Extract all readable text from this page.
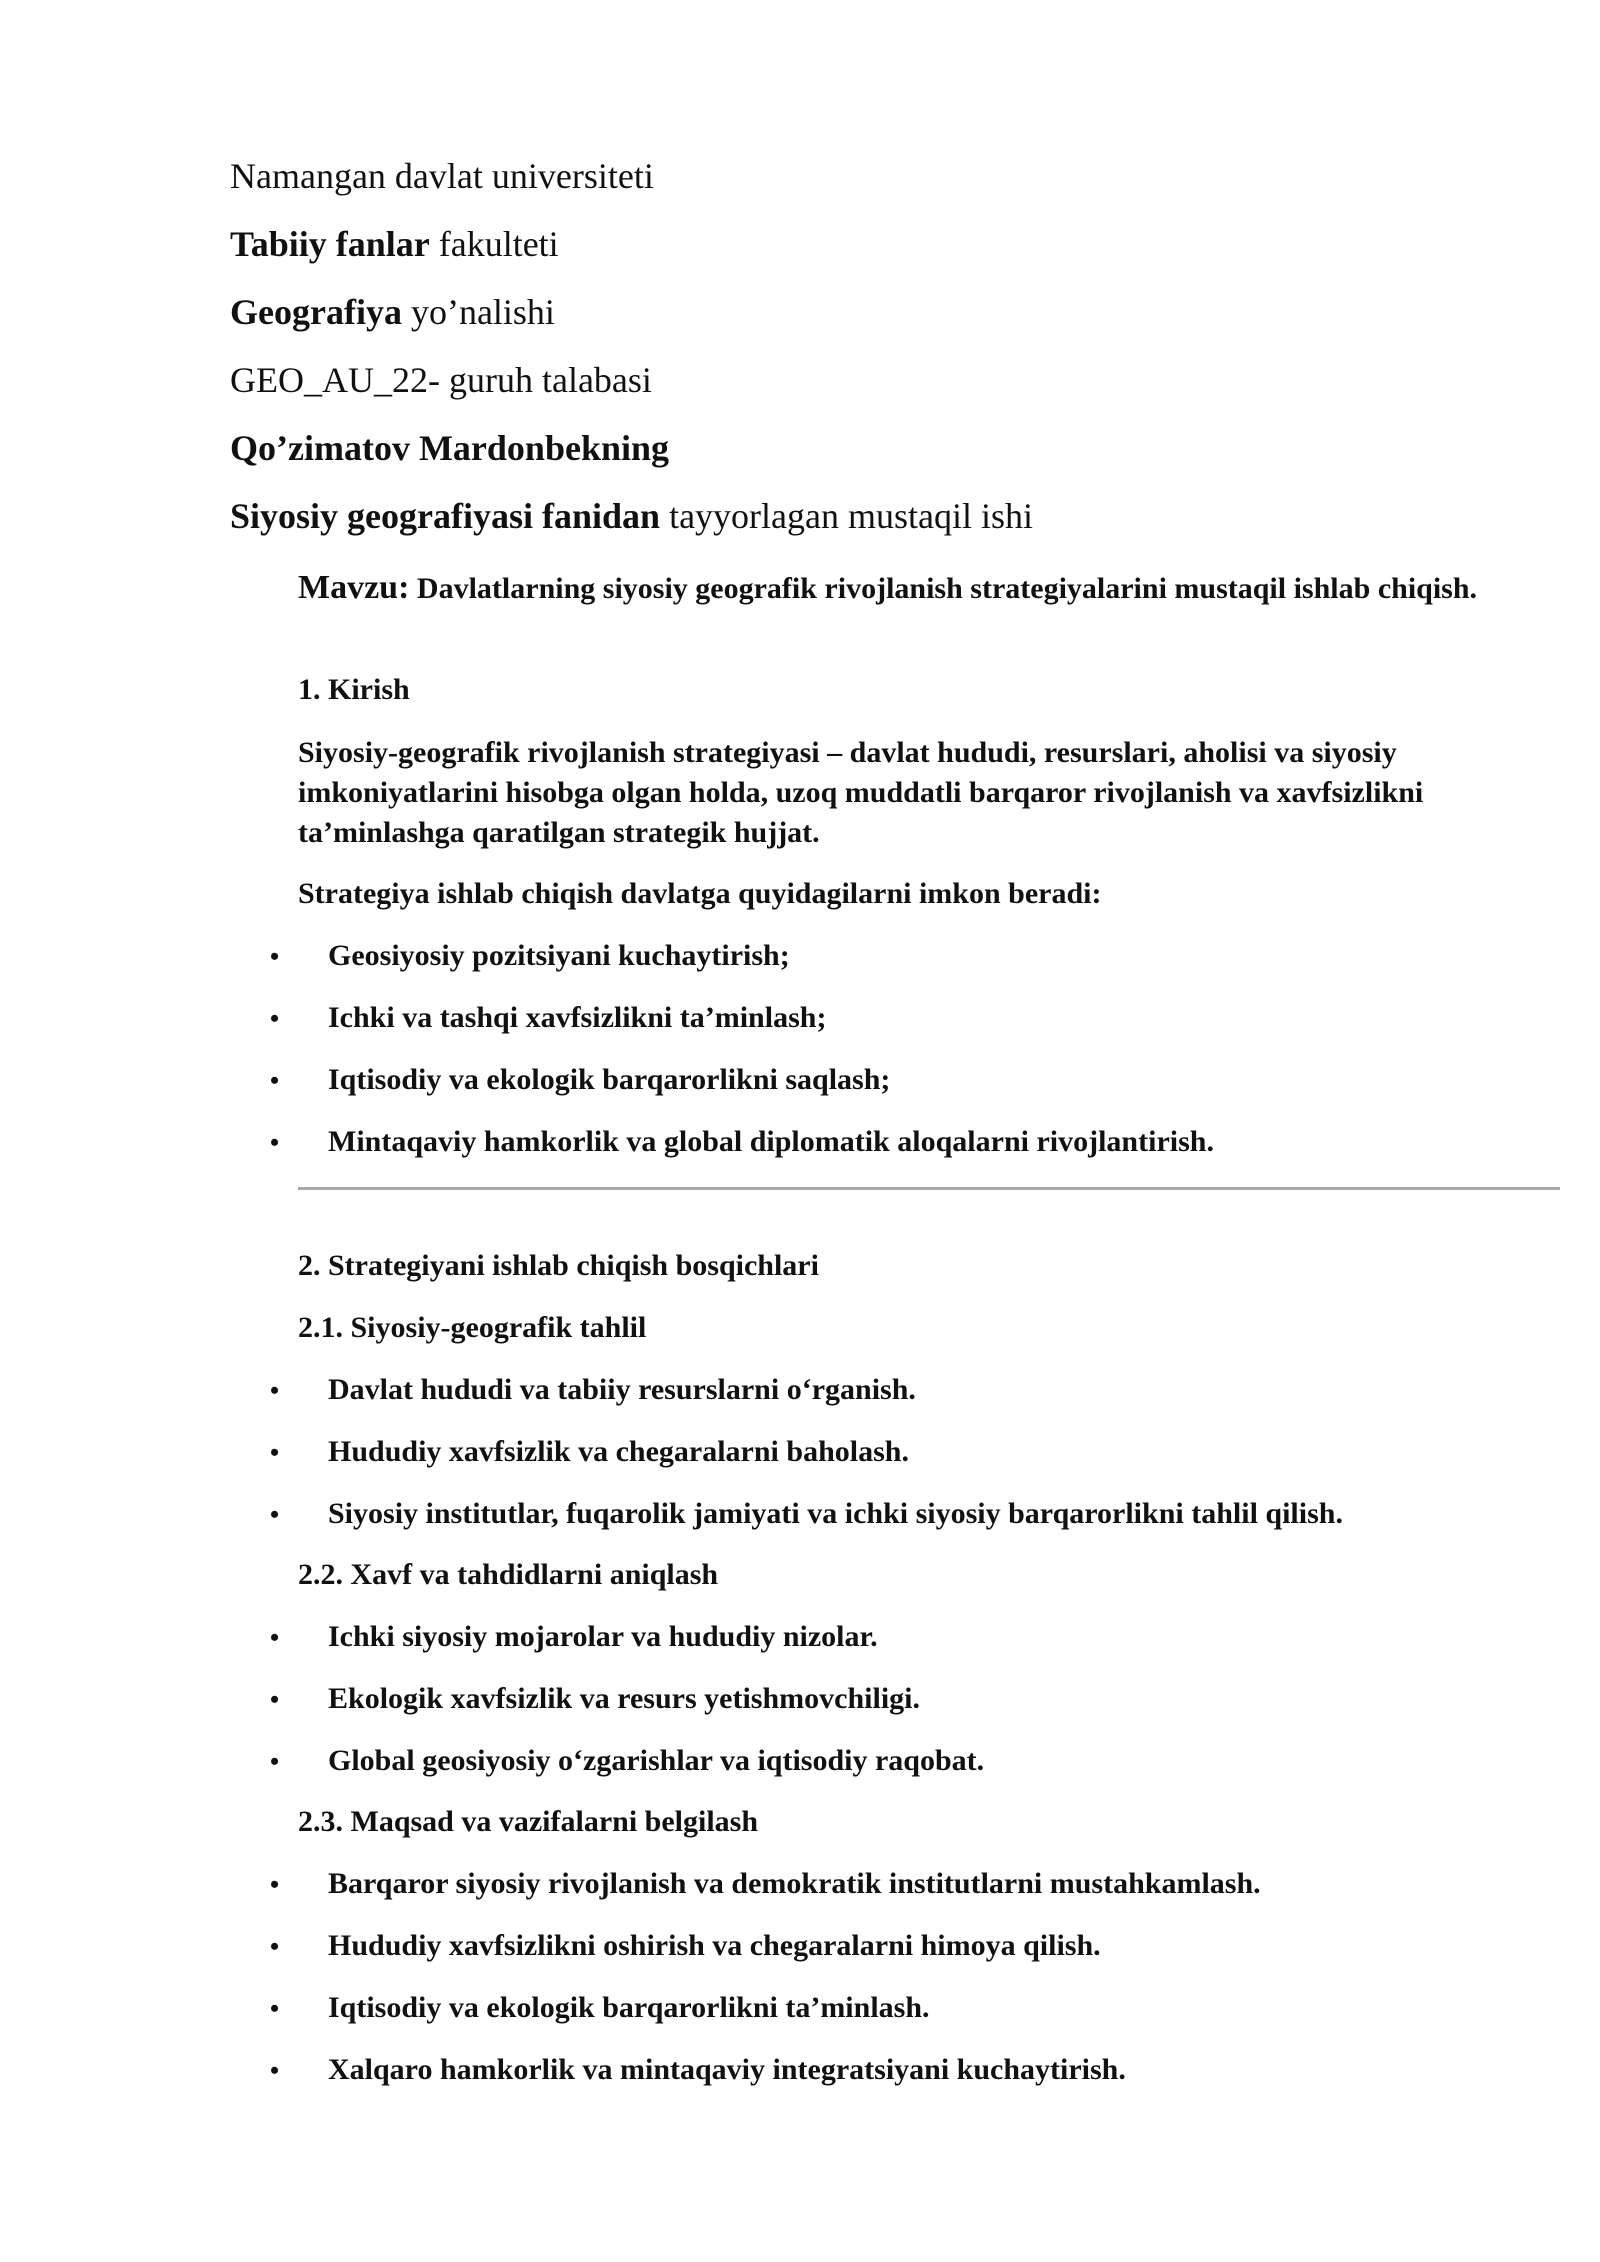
Namangan davlat universiteti
Tabiiy fanlar fakulteti
Geografiya yo’nalishi
GEO_AU_22- guruh talabasi
Qo’zimatov Mardonbekning
Siyosiy geografiyasi fanidan tayyorlagan mustaqil ishi
Mavzu: Davlatlarning siyosiy geografik rivojlanish strategiyalarini mustaqil ishlab chiqish.
1. Kirish
Siyosiy-geografik rivojlanish strategiyasi – davlat hududi, resurslari, aholisi va siyosiy imkoniyatlarini hisobga olgan holda, uzoq muddatli barqaror rivojlanish va xavfsizlikni ta’minlashga qaratilgan strategik hujjat.
Strategiya ishlab chiqish davlatga quyidagilarni imkon beradi:
• Geosiyosiy pozitsiyani kuchaytirish;
• Ichki va tashqi xavfsizlikni ta’minlash;
• Iqtisodiy va ekologik barqarorlikni saqlash;
• Mintaqaviy hamkorlik va global diplomatik aloqalarni rivojlantirish.
2. Strategiyani ishlab chiqish bosqichlari
2.1. Siyosiy-geografik tahlil
• Davlat hududi va tabiiy resurslarni o‘rganish.
• Hududiy xavfsizlik va chegaralarni baholash.
• Siyosiy institutlar, fuqarolik jamiyati va ichki siyosiy barqarorlikni tahlil qilish.
2.2. Xavf va tahdidlarni aniqlash
• Ichki siyosiy mojarolar va hududiy nizolar.
• Ekologik xavfsizlik va resurs yetishmovchiligi.
• Global geosiyosiy o‘zgarishlar va iqtisodiy raqobat.
2.3. Maqsad va vazifalarni belgilash
• Barqaror siyosiy rivojlanish va demokratik institutlarni mustahkamlash.
• Hududiy xavfsizlikni oshirish va chegaralarni himoya qilish.
• Iqtisodiy va ekologik barqarorlikni ta’minlash.
• Xalqaro hamkorlik va mintaqaviy integratsiyani kuchaytirish.
